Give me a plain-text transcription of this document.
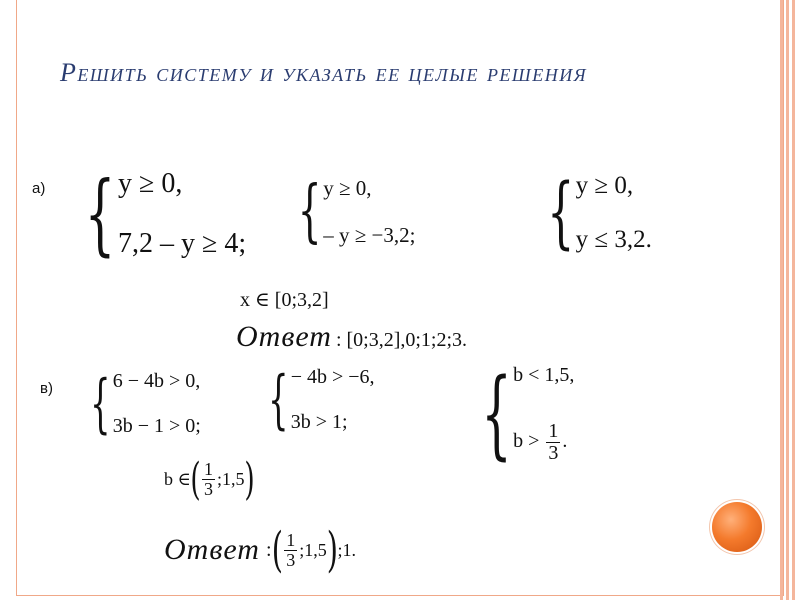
Решить систему и указать ее целые решения
а) { y ≥ 0,
7,2 – y ≥ 4; { y ≥ 0,
– y ≥ −3,2; { y ≥ 0,
y ≤ 3,2.
x ∈ [0;3,2]
Ответ : [0;3,2],0;1;2;3.
в) { 6 − 4b > 0,
3b − 1 > 0; { − 4b > −6,
3b > 1; { b < 1,5,
$b > \frac{1}{3}$ .
b ∈ ( $\frac{1}{3}$ ;1,5 )
Ответ : ( $\frac{1}{3}$ ;1,5 ) ;1.
